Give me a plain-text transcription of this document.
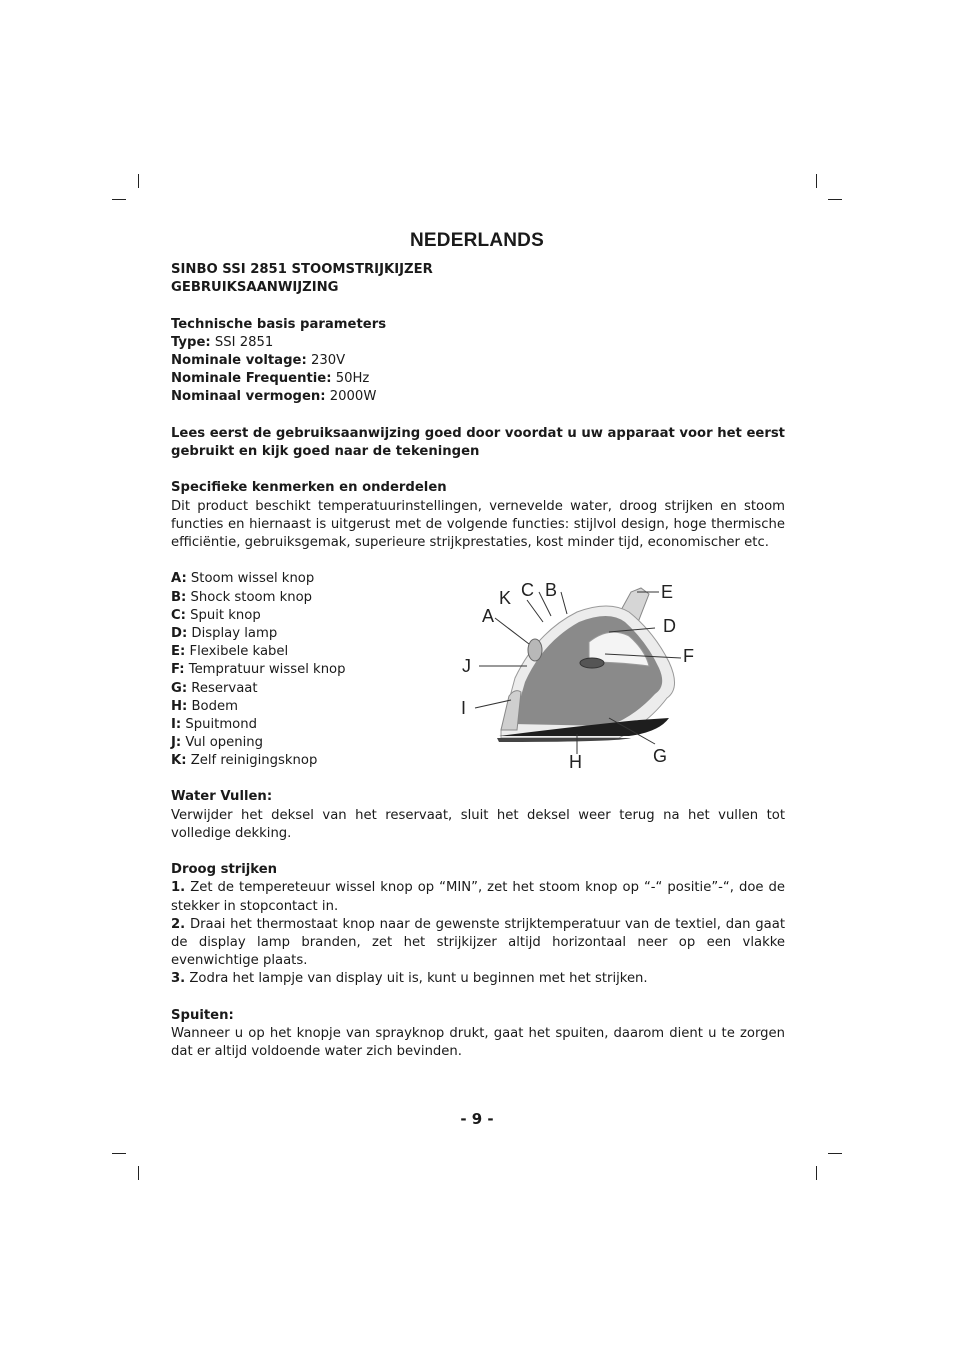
NEDERLANDS

SINBO SSI 2851 STOOMSTRIJKIJZER

GEBRUIKSAANWIJZING

Technische basis parameters

Type: SSI 2851

Nominale voltage: 230V

Nominale Frequentie: 50Hz

Nominaal vermogen: 2000W

Lees eerst de gebruiksaanwijzing goed door voordat u uw apparaat voor het eerst gebruikt en kijk goed naar de tekeningen

Specifieke kenmerken en onderdelen

Dit product beschikt temperatuurinstellingen, vernevelde water, droog strijken en stoom functies en hiernaast is uitgerust met de volgende functies: stijlvol design, hoge thermische efficiëntie, gebruiksgemak, superieure strijkprestaties, kost minder tijd, economischer etc.

A: Stoom wissel knop

B: Shock stoom knop

C: Spuit knop

D: Display lamp

E: Flexibele kabel

F: Tempratuur wissel knop

G: Reservaat

H: Bodem

I: Spuitmond

J: Vul opening

K: Zelf reinigingsknop

A
K C B	E
D
F
J
I
G
H

Water Vullen:

Verwijder het deksel van het reservaat, sluit het deksel weer terug na het vullen tot volledige dekking.

Droog strijken

1. Zet de tempereteuur wissel knop op “MIN”, zet het stoom knop op “-“ positie”-“, doe de stekker in stopcontact in.

2. Draai het thermostaat knop naar de gewenste strijktemperatuur van de textiel, dan gaat de display lamp branden, zet het strijkijzer altijd horizontaal neer op een vlakke evenwichtige plaats.

3. Zodra het lampje van display uit is, kunt u beginnen met het strijken.

Spuiten:

Wanneer u op het knopje van sprayknop drukt, gaat het spuiten, daarom dient u te zorgen dat er altijd voldoende water zich bevinden.

- 9 -
